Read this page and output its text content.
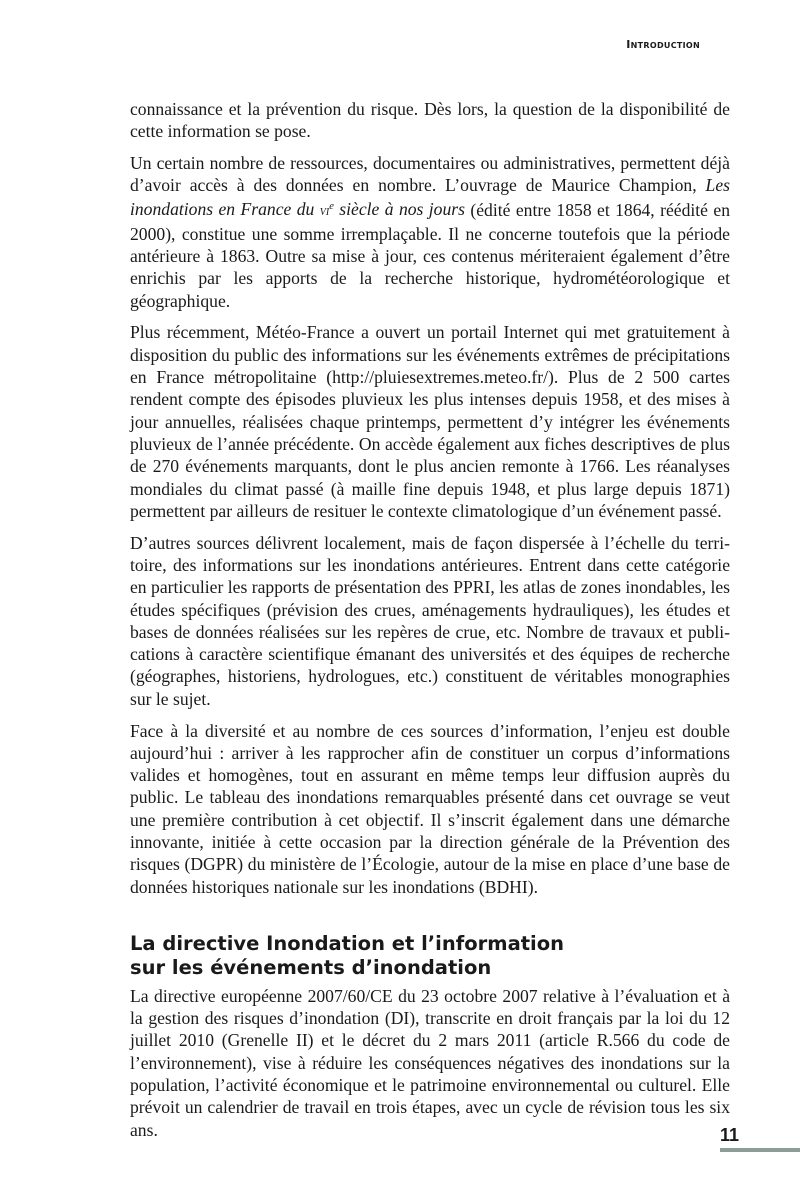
Introduction

connaissance et la prévention du risque. Dès lors, la question de la disponibilité de cette information se pose.

Un certain nombre de ressources, documentaires ou administratives, permettent déjà d’avoir accès à des données en nombre. L’ouvrage de Maurice Champion, Les inondations en France du $vi^e$ siècle à nos jours (édité entre 1858 et 1864, réédité en 2000), constitue une somme irremplaçable. Il ne concerne toutefois que la période antérieure à 1863. Outre sa mise à jour, ces contenus mériteraient également d’être enrichis par les apports de la recherche historique, hydrométéorologique et géographique.

Plus récemment, Météo-France a ouvert un portail Internet qui met gratuitement à disposition du public des informations sur les événements extrêmes de précipitations en France métropolitaine (http://pluiesextremes.meteo.fr/). Plus de 2 500 cartes rendent compte des épisodes pluvieux les plus intenses depuis 1958, et des mises à jour annuelles, réalisées chaque printemps, permettent d’y intégrer les événements pluvieux de l’année précédente. On accède également aux fiches descriptives de plus de 270 événements marquants, dont le plus ancien remonte à 1766. Les réanalyses mondiales du climat passé (à maille fine depuis 1948, et plus large depuis 1871) permettent par ailleurs de resituer le contexte climatologique d’un événement passé.

D’autres sources délivrent localement, mais de façon dispersée à l’échelle du territoire, des informations sur les inondations antérieures. Entrent dans cette catégorie en particulier les rapports de présentation des PPRI, les atlas de zones inondables, les études spécifiques (prévision des crues, aménagements hydrauliques), les études et bases de données réalisées sur les repères de crue, etc. Nombre de travaux et publications à caractère scientifique émanant des universités et des équipes de recherche (géographes, historiens, hydrologues, etc.) constituent de véritables monographies sur le sujet.

Face à la diversité et au nombre de ces sources d’information, l’enjeu est double aujourd’hui : arriver à les rapprocher afin de constituer un corpus d’informations valides et homogènes, tout en assurant en même temps leur diffusion auprès du public. Le tableau des inondations remarquables présenté dans cet ouvrage se veut une première contribution à cet objectif. Il s’inscrit également dans une démarche innovante, initiée à cette occasion par la direction générale de la Prévention des risques (DGPR) du ministère de l’Écologie, autour de la mise en place d’une base de données historiques nationale sur les inondations (BDHI).

La directive Inondation et l’information
sur les événements d’inondation

La directive européenne 2007/60/CE du 23 octobre 2007 relative à l’évaluation et à la gestion des risques d’inondation (DI), transcrite en droit français par la loi du 12 juillet 2010 (Grenelle II) et le décret du 2 mars 2011 (article R.566 du code de l’environnement), vise à réduire les conséquences négatives des inondations sur la population, l’activité économique et le patrimoine environnemental ou culturel. Elle prévoit un calendrier de travail en trois étapes, avec un cycle de révision tous les six ans.	11
